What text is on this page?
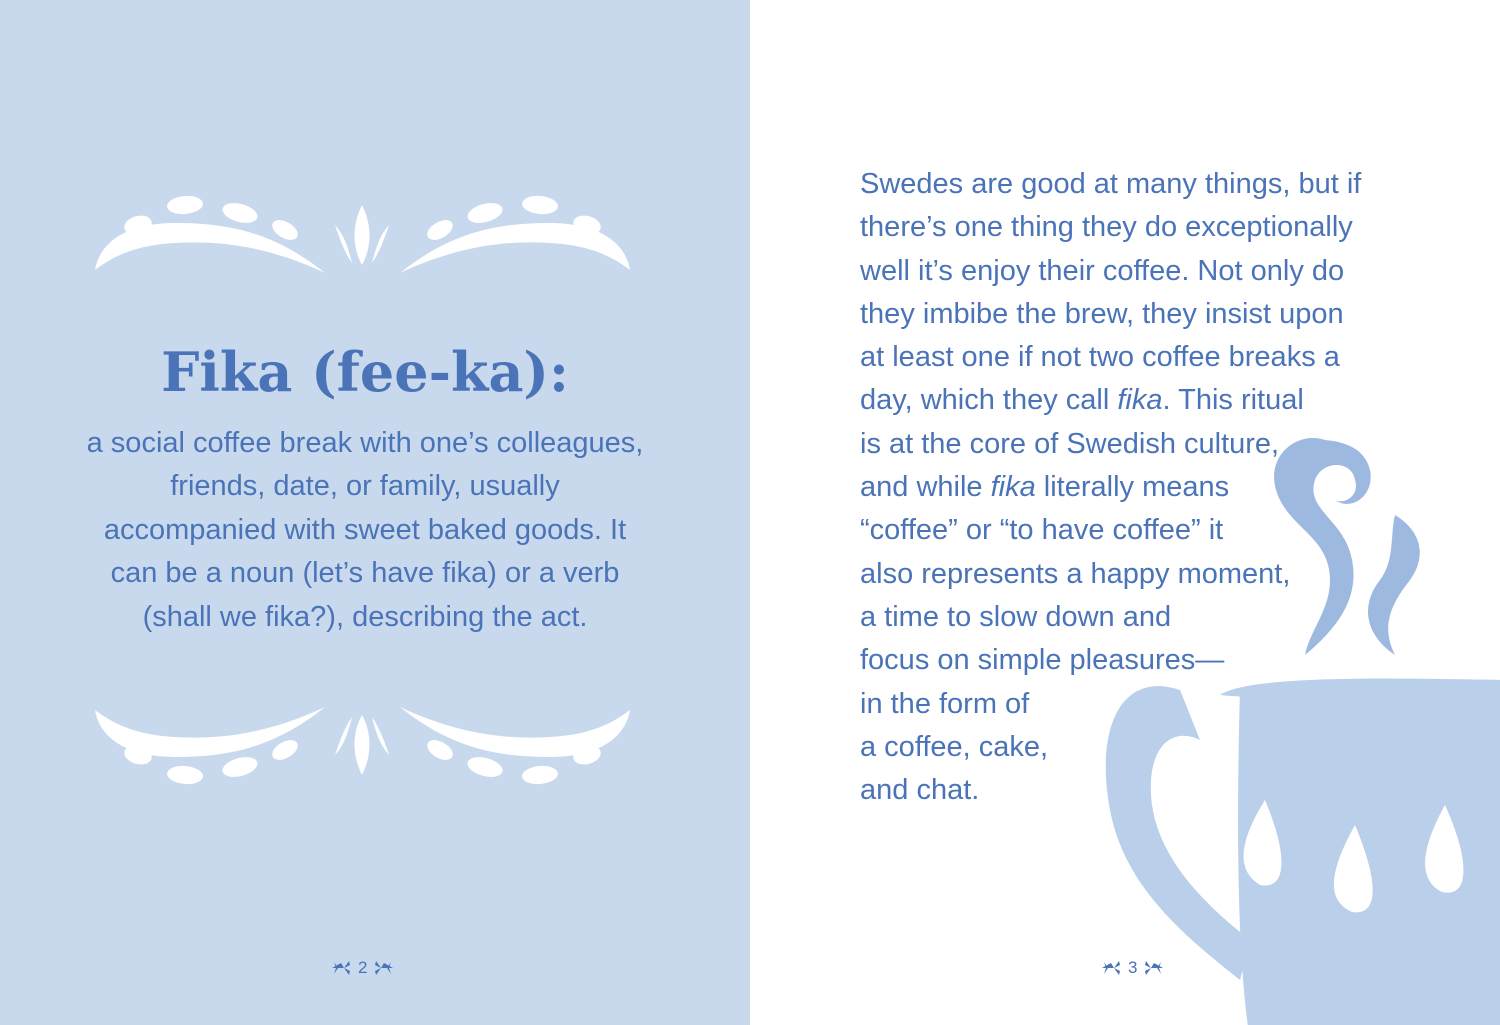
Fika (fee-ka):

a social coffee break with one’s colleagues, friends, date, or family, usually accompanied with sweet baked goods. It can be a noun (let’s have fika) or a verb (shall we fika?), describing the act.

2
Swedes are good at many things, but if
there’s one thing they do exceptionally
well it’s enjoy their coffee. Not only do
they imbibe the brew, they insist upon
at least one if not two coffee breaks a
day, which they call fika. This ritual
is at the core of Swedish culture,
and while fika literally means
“coffee” or “to have coffee” it
also represents a happy moment,
a time to slow down and
focus on simple pleasures—
in the form of
a coffee, cake,
and chat.
3
